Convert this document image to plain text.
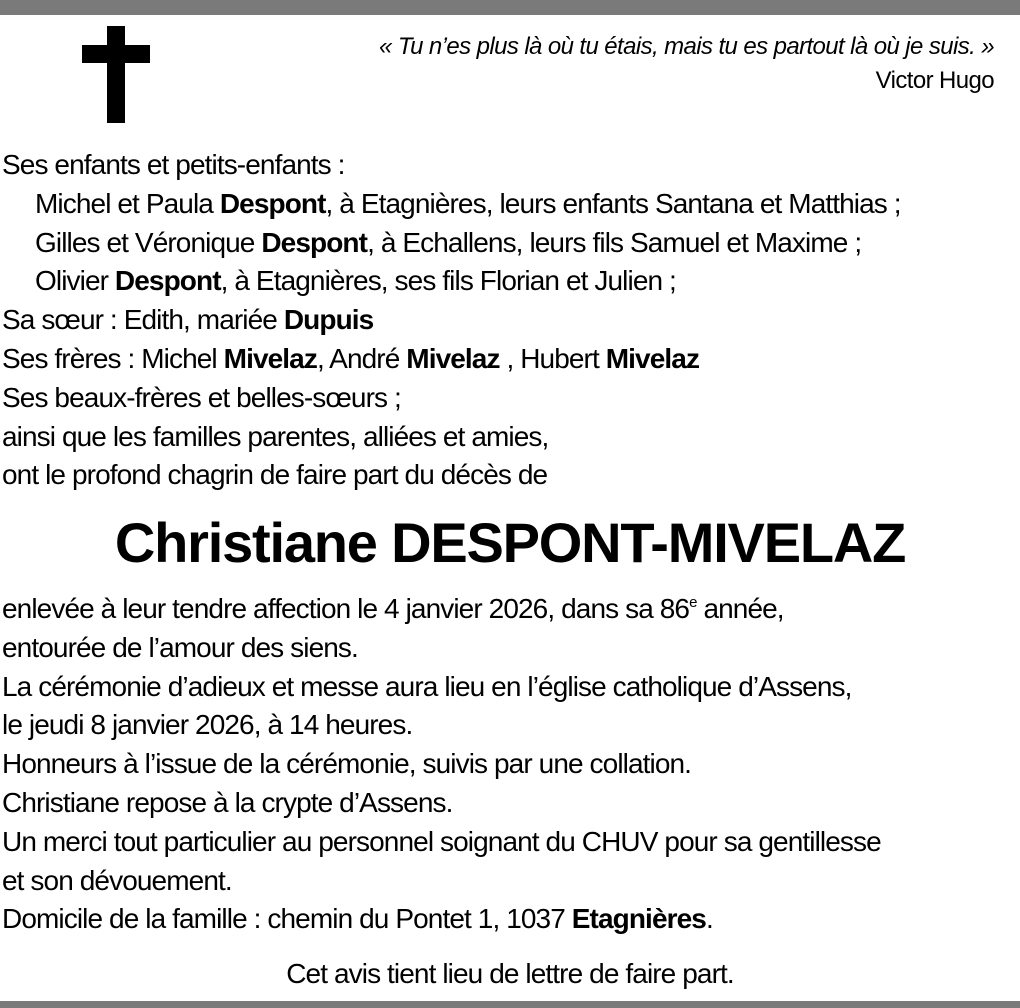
« Tu n’es plus là où tu étais, mais tu es partout là où je suis. »
Victor Hugo
Ses enfants et petits-enfants :
Michel et Paula Despont, à Etagnières, leurs enfants Santana et Matthias ;
Gilles et Véronique Despont, à Echallens, leurs fils Samuel et Maxime ;
Olivier Despont, à Etagnières, ses fils Florian et Julien ;
Sa sœur : Edith, mariée Dupuis
Ses frères : Michel Mivelaz, André Mivelaz , Hubert Mivelaz
Ses beaux-frères et belles-sœurs ;
ainsi que les familles parentes, alliées et amies,
ont le profond chagrin de faire part du décès de
Christiane DESPONT-MIVELAZ
enlevée à leur tendre affection le 4 janvier 2026, dans sa 86e année,
entourée de l’amour des siens.
La cérémonie d’adieux et messe aura lieu en l’église catholique d’Assens,
le jeudi 8 janvier 2026, à 14 heures.
Honneurs à l’issue de la cérémonie, suivis par une collation.
Christiane repose à la crypte d’Assens.
Un merci tout particulier au personnel soignant du CHUV pour sa gentillesse
et son dévouement.
Domicile de la famille : chemin du Pontet 1, 1037 Etagnières.
Cet avis tient lieu de lettre de faire part.
